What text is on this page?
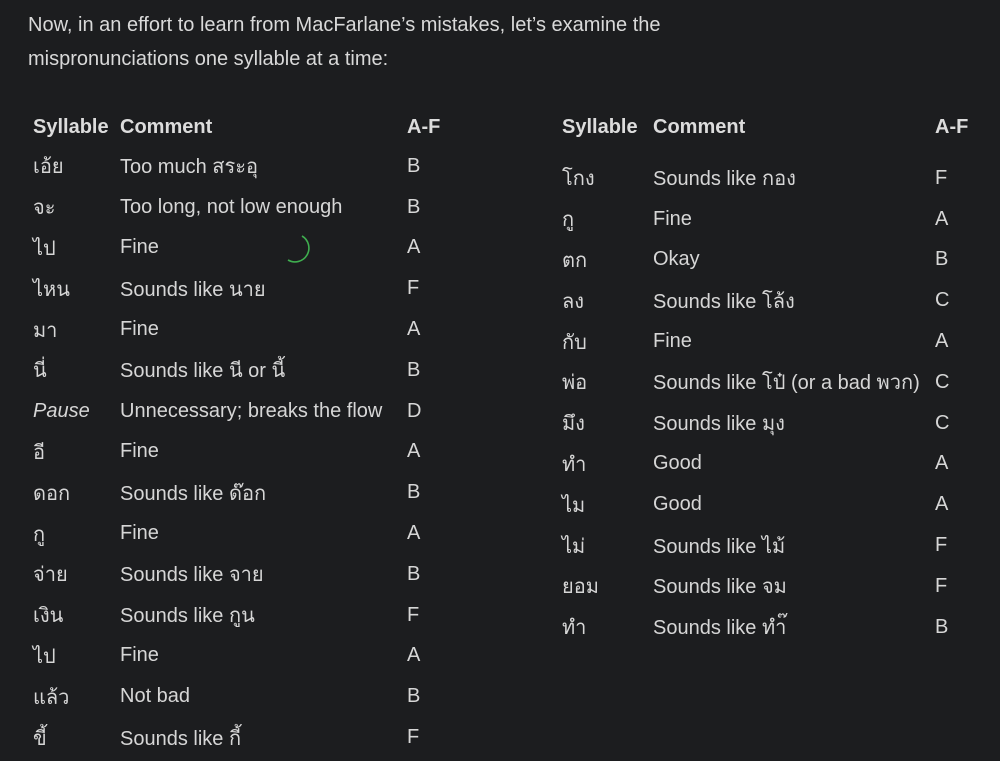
Now, in an effort to learn from MacFarlane’s mistakes, let’s examine the mispronunciations one syllable at a time:

Syllable	Comment	A-F
เอ้ย	Too much สระอุ	B
จะ	Too long, not low enough	B
ไป	Fine	A
ไหน	Sounds like นาย	F
มา	Fine	A
นี่	Sounds like นี or นี้	B
Pause	Unnecessary; breaks the flow	D
อี	Fine	A
ดอก	Sounds like ด๊อก	B
กู	Fine	A
จ่าย	Sounds like จาย	B
เงิน	Sounds like กูน	F
ไป	Fine	A
แล้ว	Not bad	B
ขี้	Sounds like กี้	F
Syllable	Comment	A-F
โกง	Sounds like กอง	F
กู	Fine	A
ตก	Okay	B
ลง	Sounds like โล้ง	C
กับ	Fine	A
พ่อ	Sounds like โป๋ (or a bad พวก)	C
มึง	Sounds like มุง	C
ทำ	Good	A
ไม	Good	A
ไม่	Sounds like ไม้	F
ยอม	Sounds like จม	F
ทำ	Sounds like ทำ๊	B
